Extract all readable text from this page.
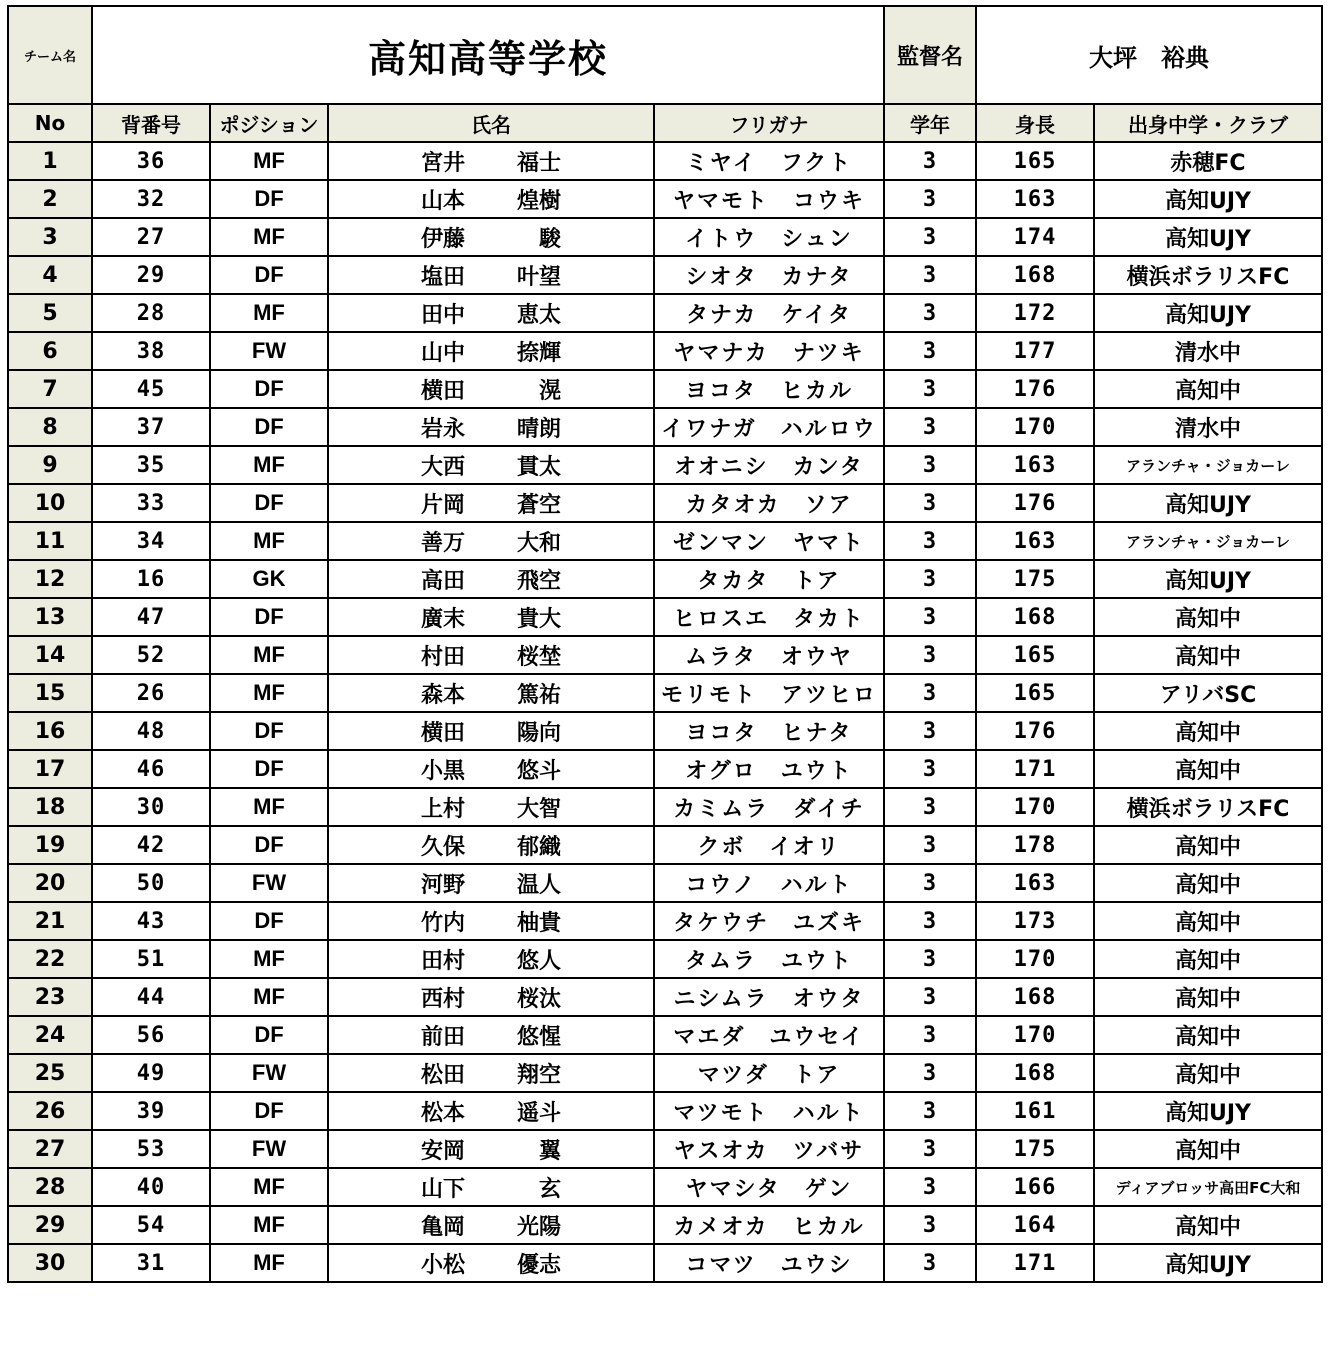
チーム名	高知高等学校				監督名	大坪　裕典	
No	背番号	ポジション	氏名	フリガナ	学年	身長	出身中学・クラブ
1	36	MF	宮井 福士	ミヤイ　フクト	3	165	赤穂FC
2	32	DF	山本 煌樹	ヤマモト　コウキ	3	163	高知UJY
3	27	MF	伊藤 駿	イトウ　シュン	3	174	高知UJY
4	29	DF	塩田 叶望	シオタ　カナタ	3	168	横浜ボラリスFC
5	28	MF	田中 恵太	タナカ　ケイタ	3	172	高知UJY
6	38	FW	山中 捺輝	ヤマナカ　ナツキ	3	177	清水中
7	45	DF	横田 滉	ヨコタ　ヒカル	3	176	高知中
8	37	DF	岩永 晴朗	イワナガ　ハルロウ	3	170	清水中
9	35	MF	大西 貫太	オオニシ　カンタ	3	163	アランチャ・ジョカーレ
10	33	DF	片岡 蒼空	カタオカ　ソア	3	176	高知UJY
11	34	MF	善万 大和	ゼンマン　ヤマト	3	163	アランチャ・ジョカーレ
12	16	GK	高田 飛空	タカタ　トア	3	175	高知UJY
13	47	DF	廣末 貴大	ヒロスエ　タカト	3	168	高知中
14	52	MF	村田 桜埜	ムラタ　オウヤ	3	165	高知中
15	26	MF	森本 篤祐	モリモト　アツヒロ	3	165	アリバSC
16	48	DF	横田 陽向	ヨコタ　ヒナタ	3	176	高知中
17	46	DF	小黒 悠斗	オグロ　ユウト	3	171	高知中
18	30	MF	上村 大智	カミムラ　ダイチ	3	170	横浜ボラリスFC
19	42	DF	久保 郁織	クボ　イオリ	3	178	高知中
20	50	FW	河野 温人	コウノ　ハルト	3	163	高知中
21	43	DF	竹内 柚貴	タケウチ　ユズキ	3	173	高知中
22	51	MF	田村 悠人	タムラ　ユウト	3	170	高知中
23	44	MF	西村 桜汰	ニシムラ　オウタ	3	168	高知中
24	56	DF	前田 悠惺	マエダ　ユウセイ	3	170	高知中
25	49	FW	松田 翔空	マツダ　トア	3	168	高知中
26	39	DF	松本 遥斗	マツモト　ハルト	3	161	高知UJY
27	53	FW	安岡 翼	ヤスオカ　ツバサ	3	175	高知中
28	40	MF	山下 玄	ヤマシタ　ゲン	3	166	ディアブロッサ高田FC大和
29	54	MF	亀岡 光陽	カメオカ　ヒカル	3	164	高知中
30	31	MF	小松 優志	コマツ　ユウシ	3	171	高知UJY
